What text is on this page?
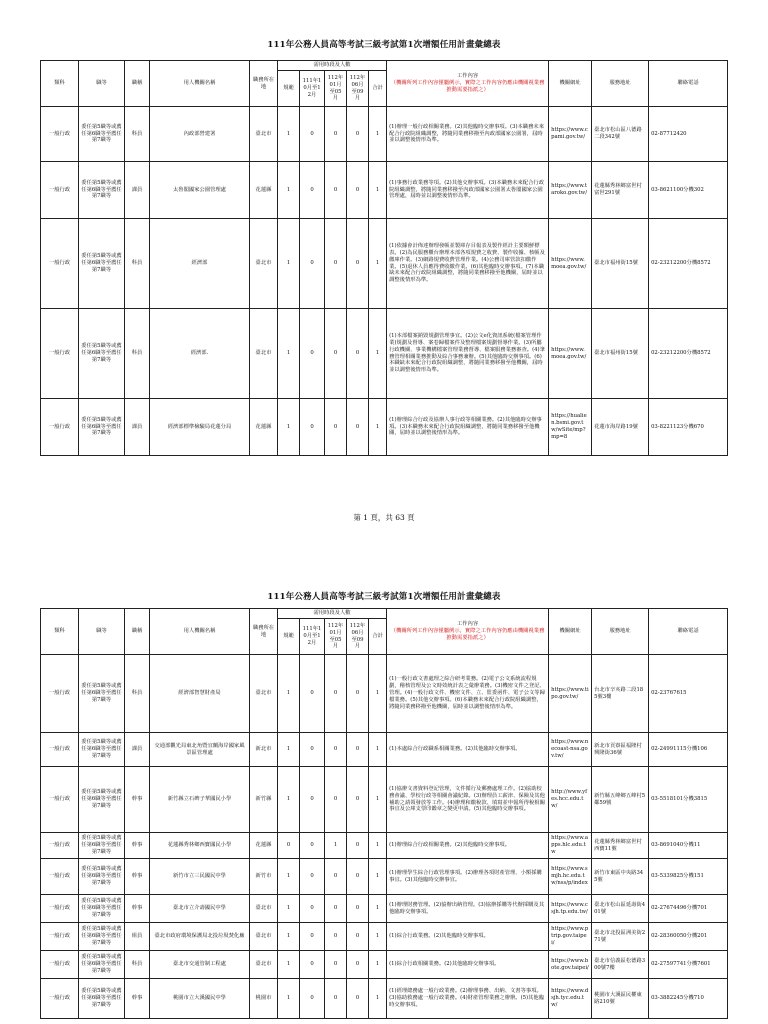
111年公務人員高等考試三級考試第1次增額任用計畫彙總表
類科	職等	職稱	用人機關名稱	職務所在地	需用時段及人數					工作內容
（機關所列工作內容僅屬例示，實際之工作內容仍應由機關視業務推動需要指派之）	機關網址	服務地址	聯絡電話
					規範	111年10月至12月	112年01月至05月	112年06月至09月	合計				
一般行政	委任第5職等或薦任第6職等至薦任第7職等	科員	內政部營建署	臺北市	1	0	0	0	1	(1)辦理一般行政相關業務。(2)其他臨時交辦事項。(3)本職務未來配合行政院組織調整，將隨同業務移撥至內政部國家公園署，屆時並以調整後情形為準。	https://www.cpami.gov.tw/	臺北市松山區八德路二段342號	02-87712420
一般行政	委任第5職等或薦任第6職等至薦任第7職等	課員	太魯閣國家公園管理處	花蓮縣	1	0	0	0	1	(1)事務行政業務等項。(2)其他交辦事項。(3)本職務未來配合行政院組織調整，將隨同業務移撥至內政部國家公園署太魯閣國家公園管理處，屆時並以調整後情形為準。	https://www.taroko.gov.tw/	花蓮縣秀林鄉富世村富世291號	03-8621100分機302
一般行政	委任第5職等或薦任第6職等至薦任第7職等	科員	經濟部	臺北市	1	0	0	0	1	(1)依據會計佈達辦理發帳並製庫存目報表及製作經計主要額鮮標表。(2)為民服務櫃台辦理本部各項規費之收費、製作收據、核帳及繳庫作業。(3)網路規費收費管理作業。(4)公務司庫管款扣繳作業。(5)退休人員應得費收繳作業。(6)其他臨時交辦事項。(7)本職缺未來配合行政院組織調整，將隨同業務移撥至他機關，屆時並以調整後情形為準。	https://www.moea.gov.tw/	臺北市福州街15號	02-23212200分機8572
一般行政	委任第5職等或薦任第6職等至薦任第7職等	科員	經濟部.	臺北市	1	0	0	0	1	(1)本部檔案銷毀規劃管理事宜。(2)公文e化資訊系統(檔案管理作業)規劃及督導、案卷歸檔案件及整理檔案規劃督導作業。(3)所屬行政機關、事業機構檔案管理業務督導、檔案服務業務審查。(4)筆務管理相關業務推動及綜合事務兼辦。(5)其他臨時交辦事項。(6)本職缺未來配合行政院組織調整，將隨同業務移撥至他機關，屆時並以調整後情形為準。	https://www.moea.gov.tw/	臺北市福州街15號	02-23212200分機8572
一般行政	委任第5職等或薦任第6職等至薦任第7職等	課員	經濟部標準檢驗局花蓮分局	花蓮縣	1	0	0	0	1	(1)辦理綜合行政及協辦人事行政等相關業務。(2)其他臨時交辦事項。(3)本職務未來配合行政院組織調整，將隨同業務移撥至他機關，屆時並以調整後情形為準。	https://hualien.bsmi.gov.tw/wSite/mp?mp=8	花蓮市海岸路19號	03-8221123分機670
第 1 頁，共 63 頁
111年公務人員高等考試三級考試第1次增額任用計畫彙總表
類科	職等	職稱	用人機關名稱	職務所在地	需用時段及人數					工作內容
（機關所列工作內容僅屬例示，實際之工作內容仍應由機關視業務推動需要指派之）	機關網址	服務地址	聯絡電話
					規範	111年10月至12月	112年01月至05月	112年06月至09月	合計				
一般行政	委任第5職等或薦任第6職等至薦任第7職等	科員	經濟部智慧財產局	臺北市	1	0	0	0	1	(1)一般行政文書處理之綜合研考業務。(2)電子公文系統流程規劃，稽核管理及公文時效統計表之彙辦業務。(3)機密文件之登記、管理。(4)一般行政文件、機密文件、立、監委函件、電子公文等歸檔業務。(5)其他交辦事項。(6)本職務未來配合行政院組織調整，將隨同業務移撥至他機關，屆時並以調整後情形為準。	https://www.tipo.gov.tw/	台北市辛亥路二段185號3樓	02-23767615
一般行政	委任第5職等或薦任第6職等至薦任第7職等	課員	交通部觀光局東北角暨宜蘭海岸國家風景區管理處	新北市	1	0	0	0	1	(1)本處綜合行政職系相關業務。(2)其他臨時交辦事項。	https://www.necoast-nsa.gov.tw/	新北市貢寮區福隆村興隆街36號	02-24991115分機106
一般行政	委任第5職等或薦任第6職等至薦任第7職等	幹事	新竹縣立石碑子華國民小學	新竹縣	1	0	0	0	1	(1)協辦文書資料登記管理，文件循行及郵務處理工作。(2)協助校務會議、學校行政等相關會議紀錄。(3)辦理員工薪津、保險及其他補助之請領發放等工作。(4)辦理和繳稅款、填寫並申報所得稅相關事宜及公庫支票印鑑章之變更申請。(5)其他臨時交辦事項。	http://www.yfes.hcc.edu.tw/	新竹縣五峰鄉五峰村5鄰59號	03-5518101分機3815
一般行政	委任第5職等或薦任第6職等至薦任第7職等	幹事	花蓮縣秀林鄉西寶國民小學	花蓮縣	0	0	1	0	1	(1)辦理綜合行政相關業務。(2)其他臨時交辦事項。	https://www.apps.hlc.edu.tw	花蓮縣秀林鄉富世村西寶11號	03-8691040分機11
一般行政	委任第5職等或薦任第6職等至薦任第7職等	幹事	新竹市立三民國民中學	新竹市	1	0	0	0	1	(1)辦理學生綜合行政管理事項。(2)辦理各項財產管理、小額採購事宜。(3)其他臨時交辦事宜。	https://www.smjh.hc.edu.tw/nss/p/index	新竹市東區中央路345號	03-5339825分機151
一般行政	委任第5職等或薦任第6職等至薦任第7職等	幹事	臺北市立介壽國民中學	臺北市	1	0	0	0	1	(1)辦理財務管理。(2)協辦出納管理。(3)協辦採購等代辦採購及其他臨時交辦事項。	https://www.csjh.tp.edu.tw/	臺北市松山區延壽街401號	02-27674496分機701
一般行政	委任第5職等或薦任第6職等至薦任第7職等	組員	臺北市政府環境保護局北投垃圾焚化廠	臺北市	1	0	0	0	1	(1)綜合行政業務。(2)其他臨時交辦事項。	https://www.ptrip.gov.taipei/	臺北市北投區洲美街271號	02-28360050分機201
一般行政	委任第5職等或薦任第6職等至薦任第7職等	科員	臺北市交通管制工程處	臺北市	1	0	0	0	1	(1)綜合行政相關業務。(2)其他臨時交辦事項。	https://www.bote.gov.taipei/	臺北市信義區松德路300號7樓	02-27597741分機7601
一般行政	委任第5職等或薦任第6職等至薦任第7職等	幹事	桃園市立大溪國民中學	桃園市	1	0	0	0	1	(1)經理總務處一般行政業務。(2)辦理事務、出納、文書等事項。(3)協助救務處一般行政業務。(4)財產管理業務之辦辦。(5)其他臨時交辦事項。	https://www.dsjh.tyc.edu.tw/	桃園市大溪區民權東路210號	03-3882245分機710
